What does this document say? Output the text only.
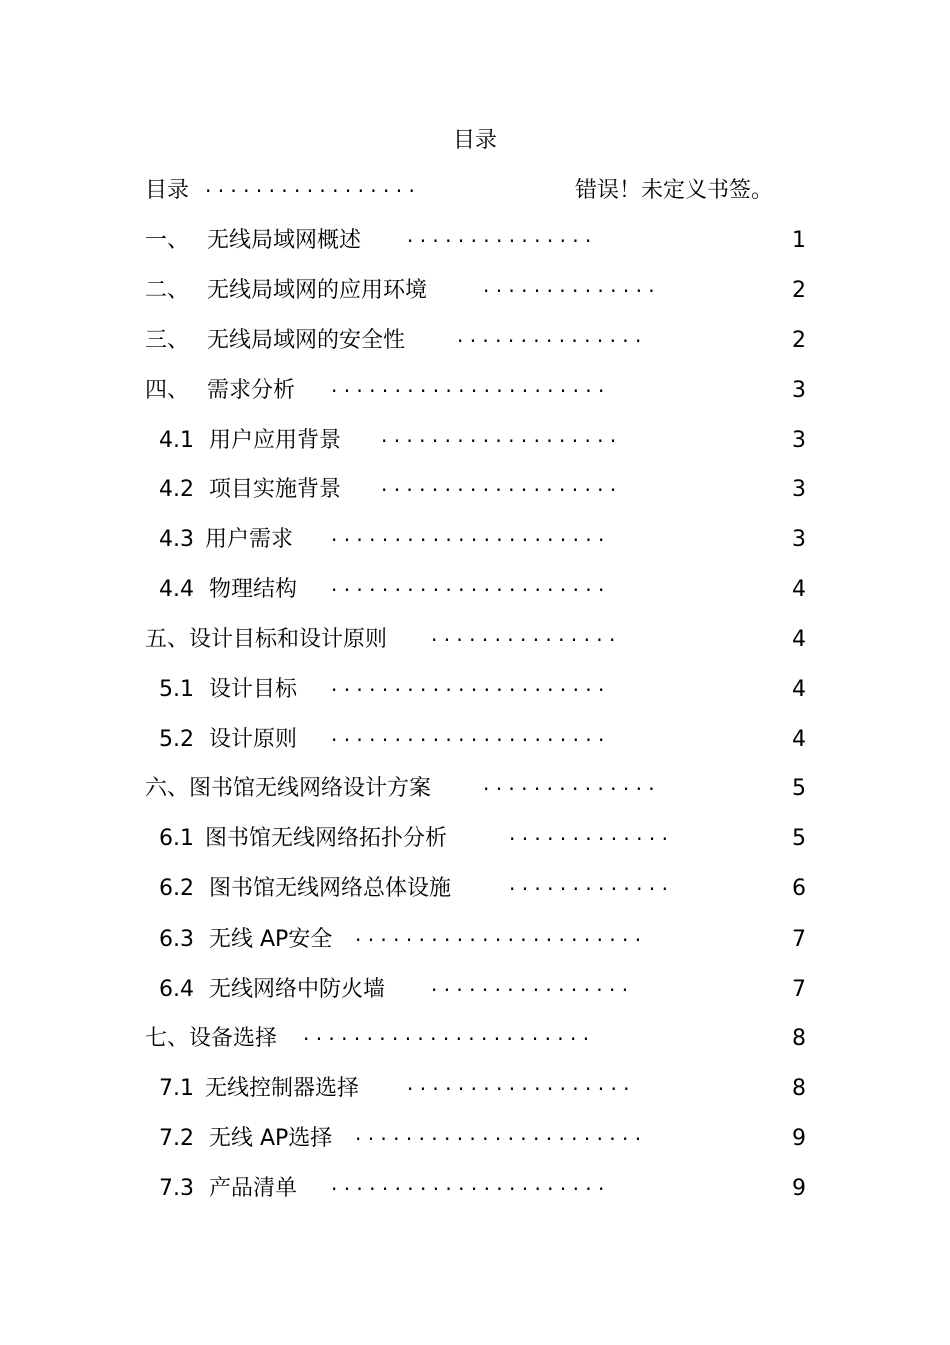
目录
目录 · · · · · · · · · · · · · · · · ·	错误！未定义书签。
一、 无线局域网概述 · · · · · · · · · · · · · · ·	1
二、 无线局域网的应用环境	· · · · · · · · · · · · · ·	2
三、 无线局域网的安全性	· · · · · · · · · · · · · · ·	2
四、 需求分析 · · · · · · · · · · · · · · · · · · · · · ·	3
4.1 用户应用背景 · · · · · · · · · · · · · · · · · · ·	3
4.2 项目实施背景 · · · · · · · · · · · · · · · · · · ·	3
4.3 用户需求 · · · · · · · · · · · · · · · · · · · · · ·	3
4.4 物理结构 · · · · · · · · · · · · · · · · · · · · · ·	4
五、 设计目标和设计原则 · · · · · · · · · · · · · · ·	4
5.1 设计目标 · · · · · · · · · · · · · · · · · · · · · ·	4
5.2 设计原则 · · · · · · · · · · · · · · · · · · · · · ·	4
六、 图书馆无线网络设计方案	· · · · · · · · · · · · · ·	5
6.1 图书馆无线网络拓扑分析	· · · · · · · · · · · · ·	5
6.2 图书馆无线网络总体设施	· · · · · · · · · · · · ·	6
6.3 无线 AP安全 · · · · · · · · · · · · · · · · · · · · · · ·	7
6.4 无线网络中防火墙 · · · · · · · · · · · · · · · ·	7
七、 设备选择 · · · · · · · · · · · · · · · · · · · · · · ·	8
7.1 无线控制器选择 · · · · · · · · · · · · · · · · · ·	8
7.2 无线 AP选择 · · · · · · · · · · · · · · · · · · · · · · ·	9
7.3 产品清单 · · · · · · · · · · · · · · · · · · · · · ·	9
